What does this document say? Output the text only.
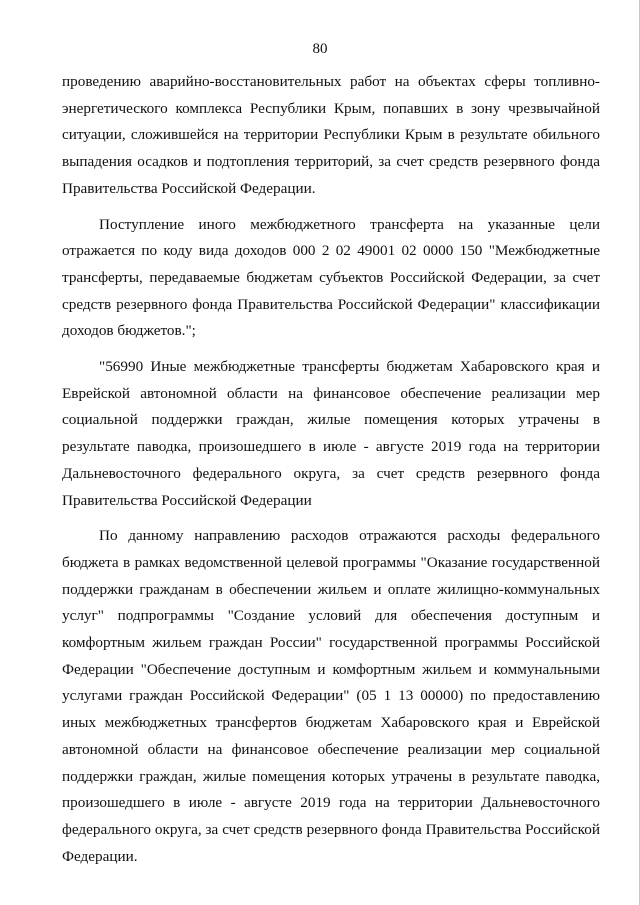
80

проведению аварийно-восстановительных работ на объектах сферы топливно-энергетического комплекса Республики Крым, попавших в зону чрезвычайной ситуации, сложившейся на территории Республики Крым в результате обильного выпадения осадков и подтопления территорий, за счет средств резервного фонда Правительства Российской Федерации.

Поступление иного межбюджетного трансферта на указанные цели отражается по коду вида доходов 000 2 02 49001 02 0000 150 "Межбюджетные трансферты, передаваемые бюджетам субъектов Российской Федерации, за счет средств резервного фонда Правительства Российской Федерации" классификации доходов бюджетов.";

"56990 Иные межбюджетные трансферты бюджетам Хабаровского края и Еврейской автономной области на финансовое обеспечение реализации мер социальной поддержки граждан, жилые помещения которых утрачены в результате паводка, произошедшего в июле - августе 2019 года на территории Дальневосточного федерального округа, за счет средств резервного фонда Правительства Российской Федерации

По данному направлению расходов отражаются расходы федерального бюджета в рамках ведомственной целевой программы "Оказание государственной поддержки гражданам в обеспечении жильем и оплате жилищно-коммунальных услуг" подпрограммы "Создание условий для обеспечения доступным и комфортным жильем граждан России" государственной программы Российской Федерации "Обеспечение доступным и комфортным жильем и коммунальными услугами граждан Российской Федерации" (05 1 13 00000) по предоставлению иных межбюджетных трансфертов бюджетам Хабаровского края и Еврейской автономной области на финансовое обеспечение реализации мер социальной поддержки граждан, жилые помещения которых утрачены в результате паводка, произошедшего в июле - августе 2019 года на территории Дальневосточного федерального округа, за счет средств резервного фонда Правительства Российской Федерации.
